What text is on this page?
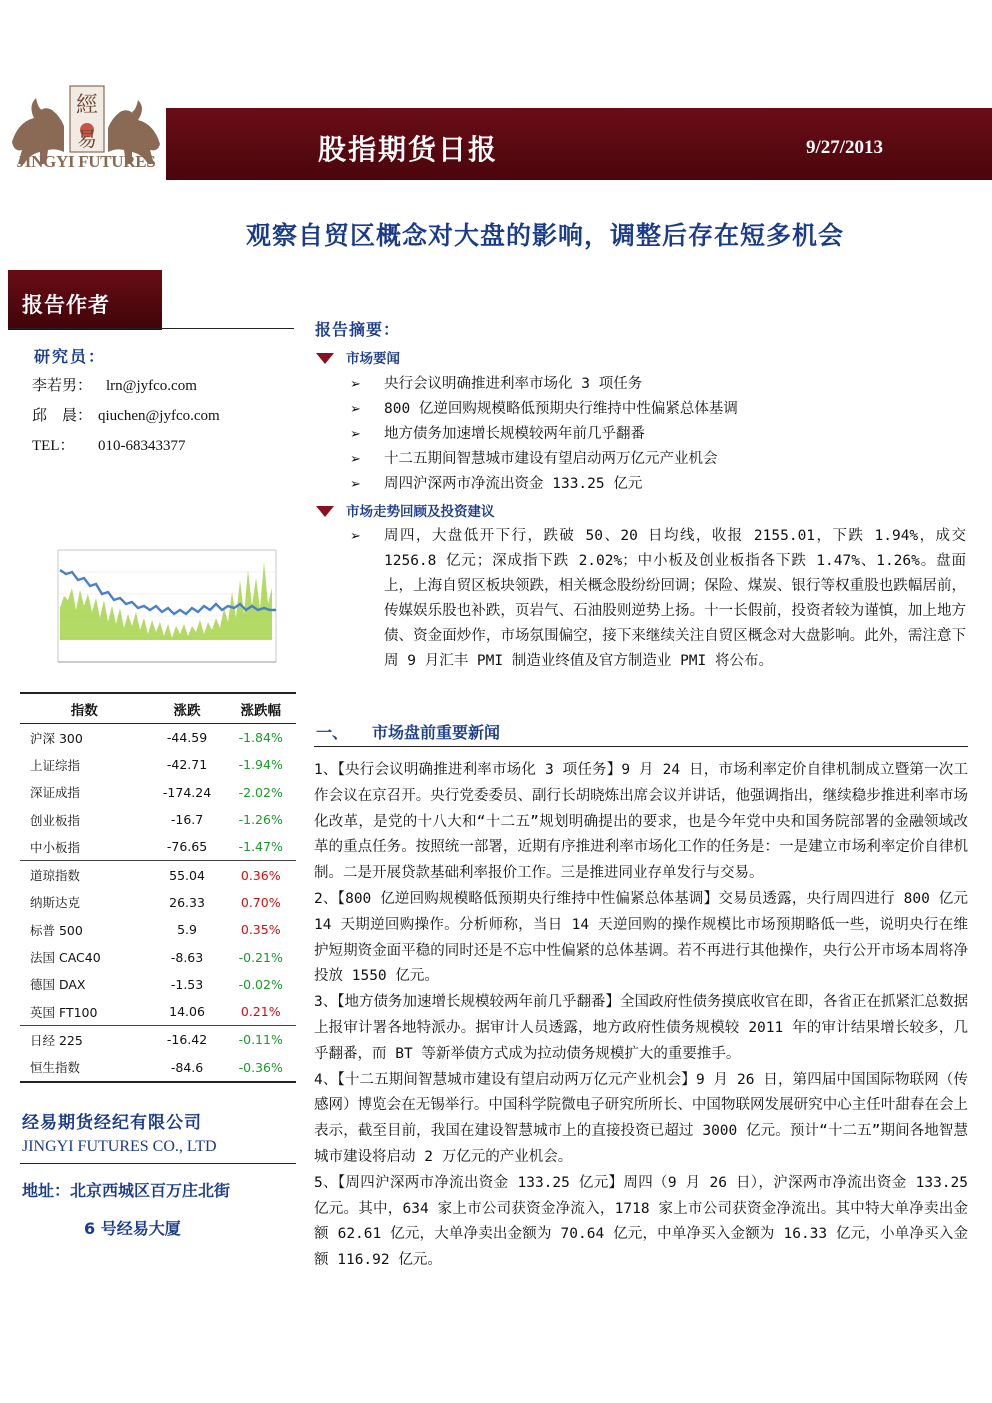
經
易
JINGYI FUTURES	股指期货日报	9/27/2013
观察自贸区概念对大盘的影响，调整后存在短多机会
报告作者
研究员：
李若男： lrn@jyfco.com
邱　晨： qiuchen@jyfco.com
TEL： 010-68343377
指数	涨跌	涨跌幅
沪深 300	-44.59	-1.84%
上证综指	-42.71	-1.94%
深证成指	-174.24	-2.02%
创业板指	-16.7	-1.26%
中小板指	-76.65	-1.47%
道琼指数	55.04	0.36%
纳斯达克	26.33	0.70%
标普 500	5.9	0.35%
法国 CAC40	-8.63	-0.21%
德国 DAX	-1.53	-0.02%
英国 FT100	14.06	0.21%
日经 225	-16.42	-0.11%
恒生指数	-84.6	-0.36%
经易期货经纪有限公司
JINGYI FUTURES CO., LTD
地址：北京西城区百万庄北街
6 号经易大厦
报告摘要：
市场要闻
➢ 央行会议明确推进利率市场化 3 项任务
➢ 800 亿逆回购规模略低预期央行维持中性偏紧总体基调
➢ 地方债务加速增长规模较两年前几乎翻番
➢ 十二五期间智慧城市建设有望启动两万亿元产业机会
➢ 周四沪深两市净流出资金 133.25 亿元
市场走势回顾及投资建议
➢ 周四，大盘低开下行，跌破 50、20 日均线，收报 2155.01，下跌 1.94%，成交 1256.8 亿元；深成指下跌 2.02%；中小板及创业板指各下跌 1.47%、1.26%。盘面上，上海自贸区板块领跌，相关概念股纷纷回调；保险、煤炭、银行等权重股也跌幅居前，传媒娱乐股也补跌，页岩气、石油股则逆势上扬。十一长假前，投资者较为谨慎，加上地方债、资金面炒作，市场氛围偏空，接下来继续关注自贸区概念对大盘影响。此外，需注意下周 9 月汇丰 PMI 制造业终值及官方制造业 PMI 将公布。
一、 市场盘前重要新闻

1、【央行会议明确推进利率市场化 3 项任务】9 月 24 日，市场利率定价自律机制成立暨第一次工作会议在京召开。央行党委委员、副行长胡晓炼出席会议并讲话，他强调指出，继续稳步推进利率市场化改革，是党的十八大和“十二五”规划明确提出的要求，也是今年党中央和国务院部署的金融领域改革的重点任务。按照统一部署，近期有序推进利率市场化工作的任务是：一是建立市场利率定价自律机制。二是开展贷款基础利率报价工作。三是推进同业存单发行与交易。

2、【800 亿逆回购规模略低预期央行维持中性偏紧总体基调】交易员透露，央行周四进行 800 亿元 14 天期逆回购操作。分析师称，当日 14 天逆回购的操作规模比市场预期略低一些，说明央行在维护短期资金面平稳的同时还是不忘中性偏紧的总体基调。若不再进行其他操作，央行公开市场本周将净投放 1550 亿元。

3、【地方债务加速增长规模较两年前几乎翻番】全国政府性债务摸底收官在即，各省正在抓紧汇总数据上报审计署各地特派办。据审计人员透露，地方政府性债务规模较 2011 年的审计结果增长较多，几乎翻番，而 BT 等新举债方式成为拉动债务规模扩大的重要推手。

4、【十二五期间智慧城市建设有望启动两万亿元产业机会】9 月 26 日，第四届中国国际物联网（传感网）博览会在无锡举行。中国科学院微电子研究所所长、中国物联网发展研究中心主任叶甜春在会上表示，截至目前，我国在建设智慧城市上的直接投资已超过 3000 亿元。预计“十二五”期间各地智慧城市建设将启动 2 万亿元的产业机会。

5、【周四沪深两市净流出资金 133.25 亿元】周四（9 月 26 日），沪深两市净流出资金 133.25 亿元。其中，634 家上市公司获资金净流入，1718 家上市公司获资金净流出。其中特大单净卖出金额 62.61 亿元，大单净卖出金额为 70.64 亿元，中单净买入金额为 16.33 亿元，小单净买入金额 116.92 亿元。
